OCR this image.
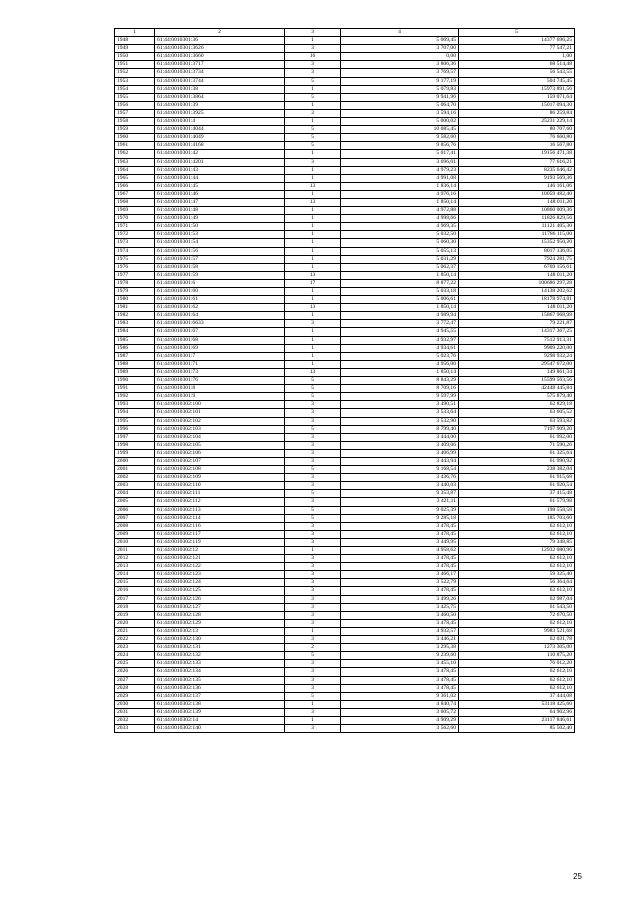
1	2	3	4	5
1948	61:44:0010301:36	1	5 069,45	14377 696,25
1949	61:44:0010301:3626	3	3 707,00	77 547,21
1950	61:44:0010301:3660	16	0,00	1,00
1951	61:44:0010301:3717	3	3 806,36	68 514,48
1952	61:44:0010301:3734	3	3 769,57	56 543,55
1953	61:44:0010301:3744	5	9 177,19	504 745,45
1954	61:44:0010301:38	1	5 079,83	15973 891,56
1955	61:44:0010301:3864	5	9 941,96	159 071,64
1956	61:44:0010301:39	1	5 064,70	15017 094,30
1957	61:44:0010301:3925	3	3 594,16	86 259,84
1958	61:44:0010301:4	1	5 000,02	25231 229,14
1959	61:44:0010301:4044	5	10 085,45	80 707,60
1960	61:44:0010301:4049	5	9 582,60	76 660,80
1961	61:44:0010301:4168	5	9 856,76	16 567,80
1962	61:44:0010301:42	1	5 017,41	19156 471,38
1963	61:44:0010301:4201	3	3 696,01	77 616,21
1964	61:44:0010301:43	1	4 979,23	8235 646,42
1965	61:44:0010301:44	1	4 991,08	9193 569,36
1966	61:44:0010301:45	13	1 836,14	146 161,06
1967	61:44:0010301:46	1	4 976,16	10059 482,40
1968	61:44:0010301:47	13	1 850,14	148 011,20
1969	61:44:0010301:48	1	4 972,88	10860 009,36
1970	61:44:0010301:49	1	4 998,66	11826 829,56
1971	61:44:0010301:50	1	4 969,35	11121 405,30
1972	61:44:0010301:53	1	5 032,50	11786 115,00
1973	61:44:0010301:54	1	5 060,30	15352 950,20
1974	61:44:0010301:56	1	5 055,13	8017 136,05
1975	61:44:0010301:57	1	5 031,29	7924 281,75
1976	61:44:0010301:58	1	5 062,37	6769 156,61
1977	61:44:0010301:59	13	1 850,14	148 011,20
1978	61:44:0010301:6	17	8 877,22	100686 297,28
1979	61:44:0010301:60	1	5 033,18	14138 202,62
1980	61:44:0010301:61	1	5 006,61	18178 974,81
1981	61:44:0010301:62	13	1 850,14	148 011,20
1982	61:44:0010301:64	1	4 989,94	15867 968,98
1983	61:44:0010301:6633	3	3 772,47	79 221,87
1984	61:44:0010301:67	1	4 945,55	14317 367,25
1985	61:44:0010301:68	1	4 932,97	7512 913,31
1986	61:44:0010301:69	1	4 934,61	9909 220,00
1987	61:44:0010301:7	1	5 023,76	9298 932,24
1988	61:44:0010301:71	1	4 956,00	29547 672,00
1989	61:44:0010301:73	13	1 850,14	149 861,34
1990	61:44:0010301:76	5	8 843,29	15599 563,56
1991	61:44:0010301:8	5	8 709,16	42448 445,84
1992	61:44:0010301:9	5	9 597,99	575 879,40
1993	61:44:0010302:100	3	3 490,51	62 829,18
1994	61:44:0010302:101	3	3 533,64	63 605,52
1995	61:44:0010302:102	3	3 532,90	63 593,82
1996	61:44:0010302:103	5	8 799,40	7197 909,20
1997	61:44:0010302:104	3	3 444,00	61 992,00
1998	61:44:0010302:105	3	3 409,06	71 590,26
1999	61:44:0010302:106	3	3 406,99	61 325,64
2000	61:44:0010302:107	3	3 443,94	61 990,92
2001	61:44:0010302:108	5	9 168,54	238 382,04
2002	61:44:0010302:109	3	3 436,76	61 915,68
2003	61:44:0010302:110	3	3 440,03	61 920,54
2004	61:44:0010302:111	5	9 353,87	37 415,48
2005	61:44:0010302:112	3	3 421,11	61 579,98
2006	61:44:0010302:113	5	9 025,39	198 558,58
2007	61:44:0010302:114	5	9 285,18	185 703,60
2008	61:44:0010302:116	3	3 478,45	62 612,10
2009	61:44:0010302:117	3	3 478,45	62 612,10
2010	61:44:0010302:119	3	3 449,95	79 348,85
2011	61:44:0010302:12	1	4 958,62	12932 080,96
2012	61:44:0010302:121	3	3 478,45	62 612,10
2013	61:44:0010302:122	3	3 478,45	62 612,10
2014	61:44:0010302:123	3	3 466,17	59 325,40
2015	61:44:0010302:124	3	3 522,79	56 364,64
2016	61:44:0010302:125	3	3 478,45	62 612,10
2017	61:44:0010302:126	3	3 499,26	62 987,04
2018	61:44:0010302:127	3	3 425,75	61 543,50
2019	61:44:0010302:128	3	3 460,50	72 670,50
2020	61:44:0010302:129	3	3 478,45	62 612,10
2021	61:44:0010302:13	1	4 932,57	9983 521,68
2022	61:44:0010302:130	3	3 446,21	62 031,78
2023	61:44:0010302:131	2	3 295,38	1273 305,00
2024	61:44:0010302:132	5	9 239,60	110 875,20
2025	61:44:0010302:133	3	3 455,10	76 012,20
2026	61:44:0010302:134	3	3 478,45	62 612,10
2027	61:44:0010302:135	3	3 478,45	62 612,10
2028	61:44:0010302:136	3	3 478,45	62 612,10
2029	61:44:0010302:137	5	9 361,02	37 444,08
2030	61:44:0010302:138	1	4 840,74	53118 425,60
2031	61:44:0010302:139	3	3 605,72	64 902,96
2032	61:44:0010302:14	1	4 909,29	23117 846,61
2033	61:44:0010302:140	3	3 562,60	85 502,40
25
